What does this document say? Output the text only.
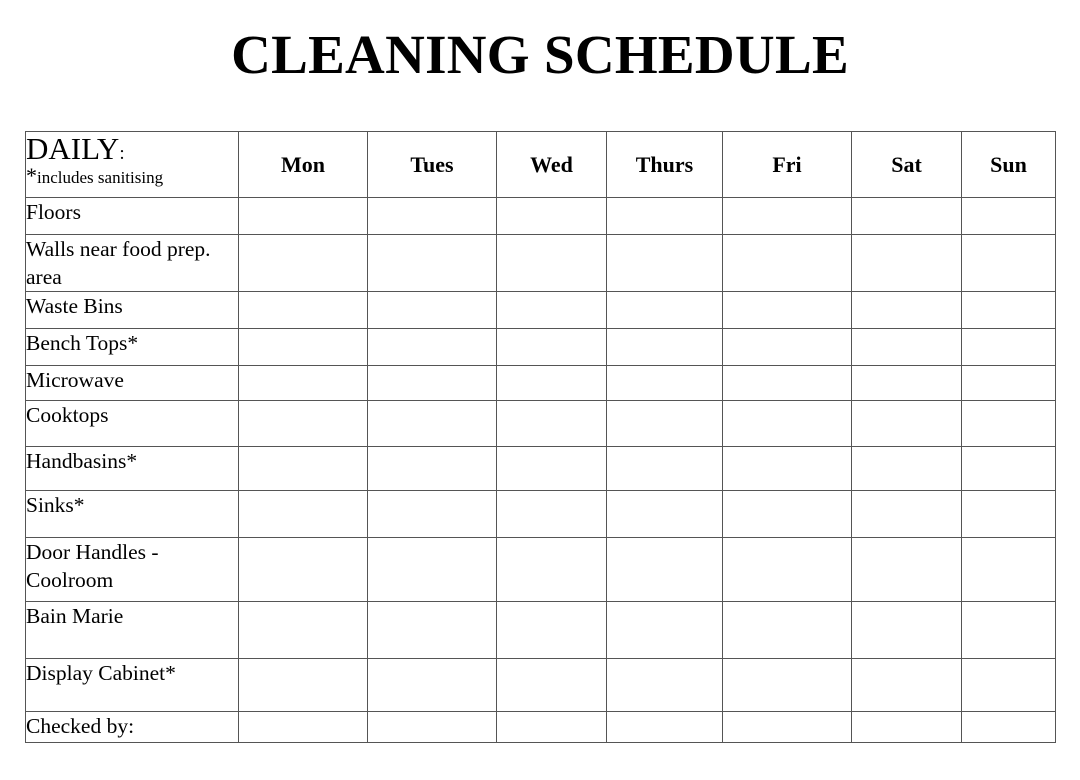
CLEANING SCHEDULE
DAILY:
*includes sanitising	Mon	Tues	Wed	Thurs	Fri	Sat	Sun
Floors							
Walls near food prep. area							
Waste Bins							
Bench Tops*							
Microwave							
Cooktops							
Handbasins*							
Sinks*							
Door Handles - Coolroom							
Bain Marie							
Display Cabinet*							
Checked by:							
